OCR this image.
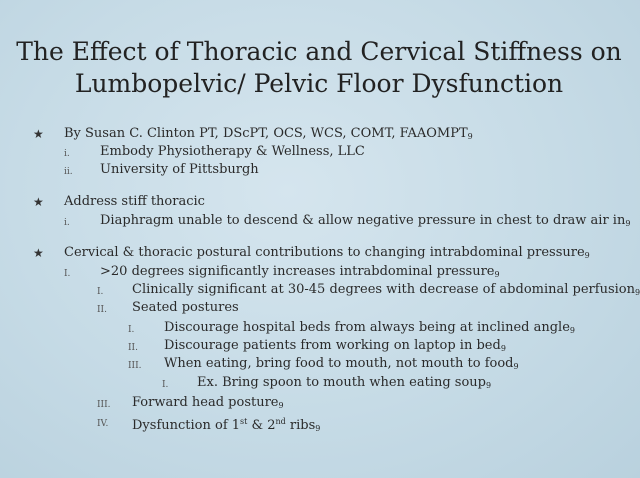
The Effect of Thoracic and Cervical Stiffness on
Lumbopelvic/ Pelvic Floor Dysfunction
★ By Susan C. Clinton PT, DScPT, OCS, WCS, COMT, $FAAOMPT_9$
i. Embody Physiotherapy & Wellness, LLC
ii. University of Pittsburgh
★ Address stiff thoracic
i. Diaphragm unable to descend & allow negative pressure in chest to draw air $in_9$
★ Cervical & thoracic postural contributions to changing intrabdominal pressure$_9$
I. >20 degrees significantly increases intrabdominal pressure$_9$
I. Clinically significant at 30-45 degrees with decrease of abdominal perfusion$_9$
II. Seated postures
I. Discourage hospital beds from always being at inclined angle$_9$
II. Discourage patients from working on laptop in bed$_9$
III. When eating, bring food to mouth, not mouth to food$_9$
I. Ex. Bring spoon to mouth when eating soup$_9$
III. Forward head posture$_9$
IV. Dysfunction of 1st & 2nd ribs$_9$
